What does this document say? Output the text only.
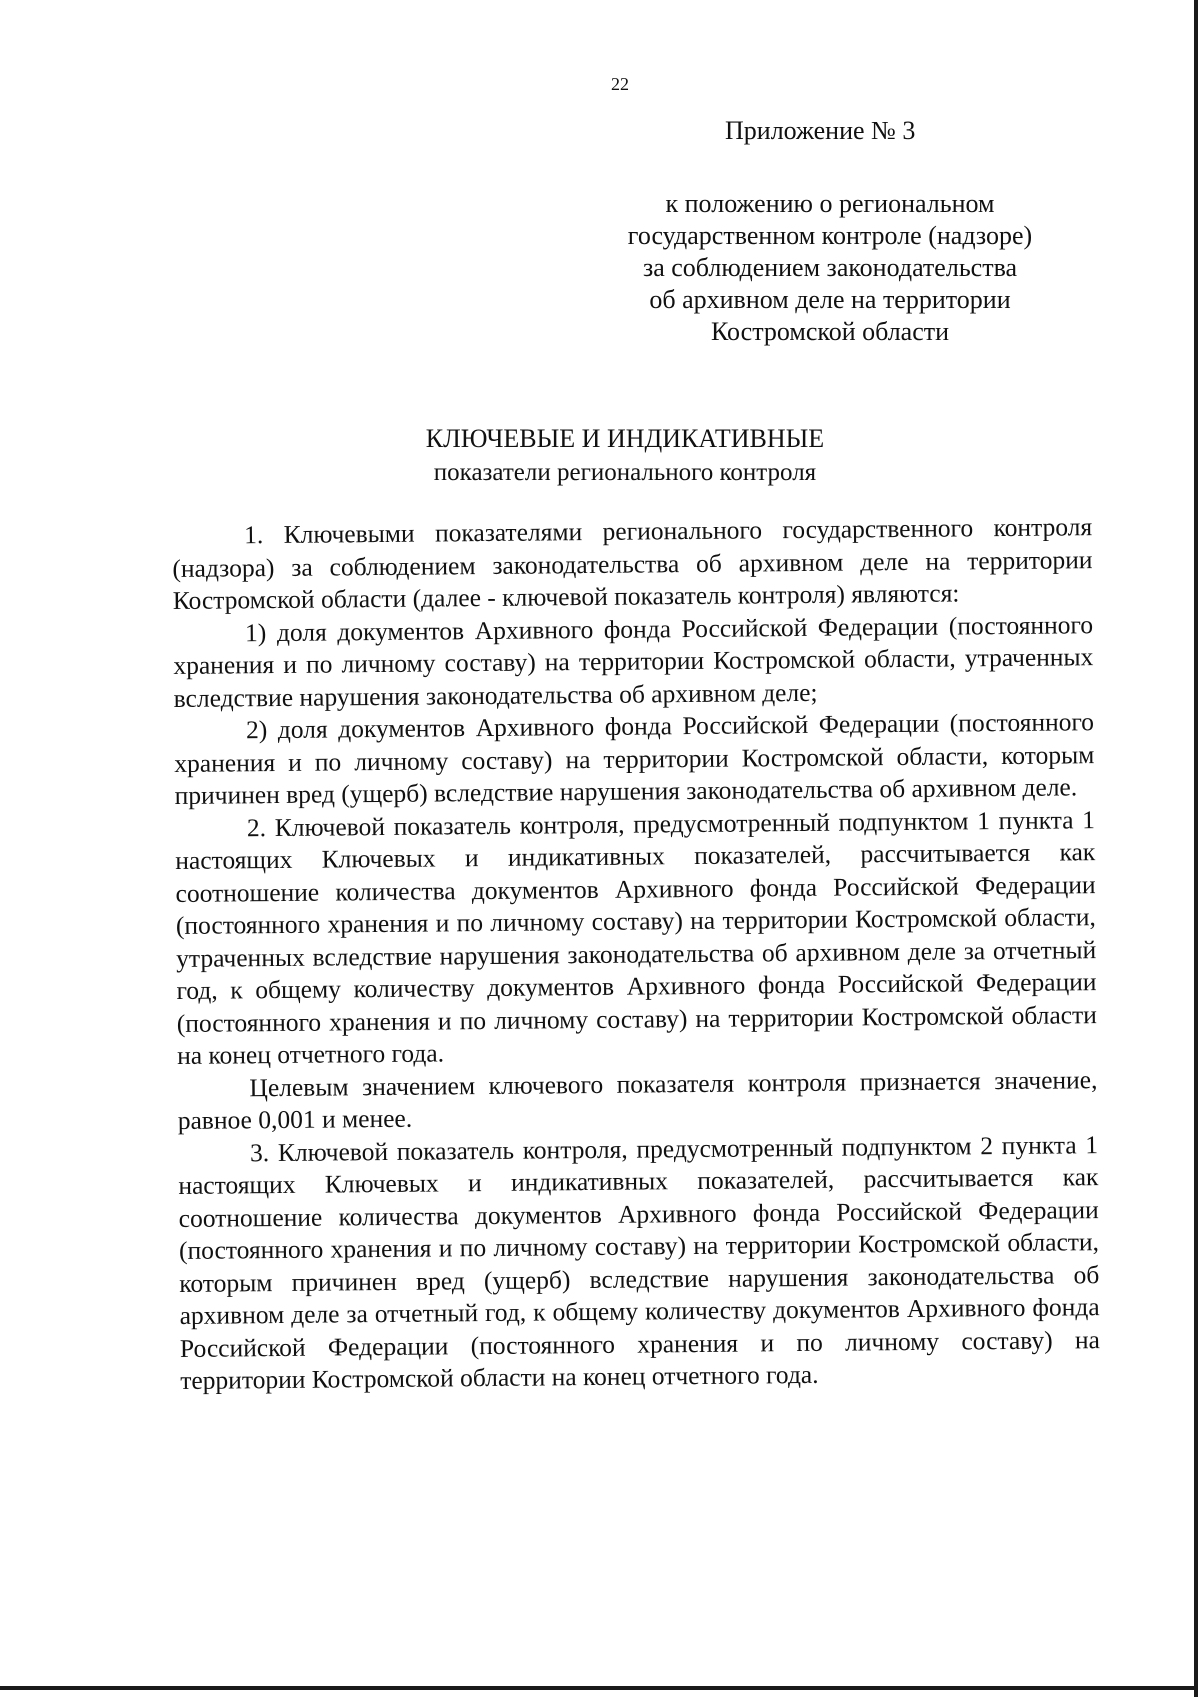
22
Приложение № 3
к положению о региональном
государственном контроле (надзоре)
за соблюдением законодательства
об архивном деле на территории
Костромской области
КЛЮЧЕВЫЕ И ИНДИКАТИВНЫЕ
показатели регионального контроля

1. Ключевыми показателями регионального государственного контроля (надзора) за соблюдением законодательства об архивном деле на территории Костромской области (далее - ключевой показатель контроля) являются:

1) доля документов Архивного фонда Российской Федерации (постоянного хранения и по личному составу) на территории Костромской области, утраченных вследствие нарушения законодательства об архивном деле;

2) доля документов Архивного фонда Российской Федерации (постоянного хранения и по личному составу) на территории Костромской области, которым причинен вред (ущерб) вследствие нарушения законодательства об архивном деле.

2. Ключевой показатель контроля, предусмотренный подпунктом 1 пункта 1 настоящих Ключевых и индикативных показателей, рассчитывается как соотношение количества документов Архивного фонда Российской Федерации (постоянного хранения и по личному составу) на территории Костромской области, утраченных вследствие нарушения законодательства об архивном деле за отчетный год, к общему количеству документов Архивного фонда Российской Федерации (постоянного хранения и по личному составу) на территории Костромской области на конец отчетного года.

Целевым значением ключевого показателя контроля признается значение, равное 0,001 и менее.

3. Ключевой показатель контроля, предусмотренный подпунктом 2 пункта 1 настоящих Ключевых и индикативных показателей, рассчитывается как соотношение количества документов Архивного фонда Российской Федерации (постоянного хранения и по личному составу) на территории Костромской области, которым причинен вред (ущерб) вследствие нарушения законодательства об архивном деле за отчетный год, к общему количеству документов Архивного фонда Российской Федерации (постоянного хранения и по личному составу) на территории Костромской области на конец отчетного года.
